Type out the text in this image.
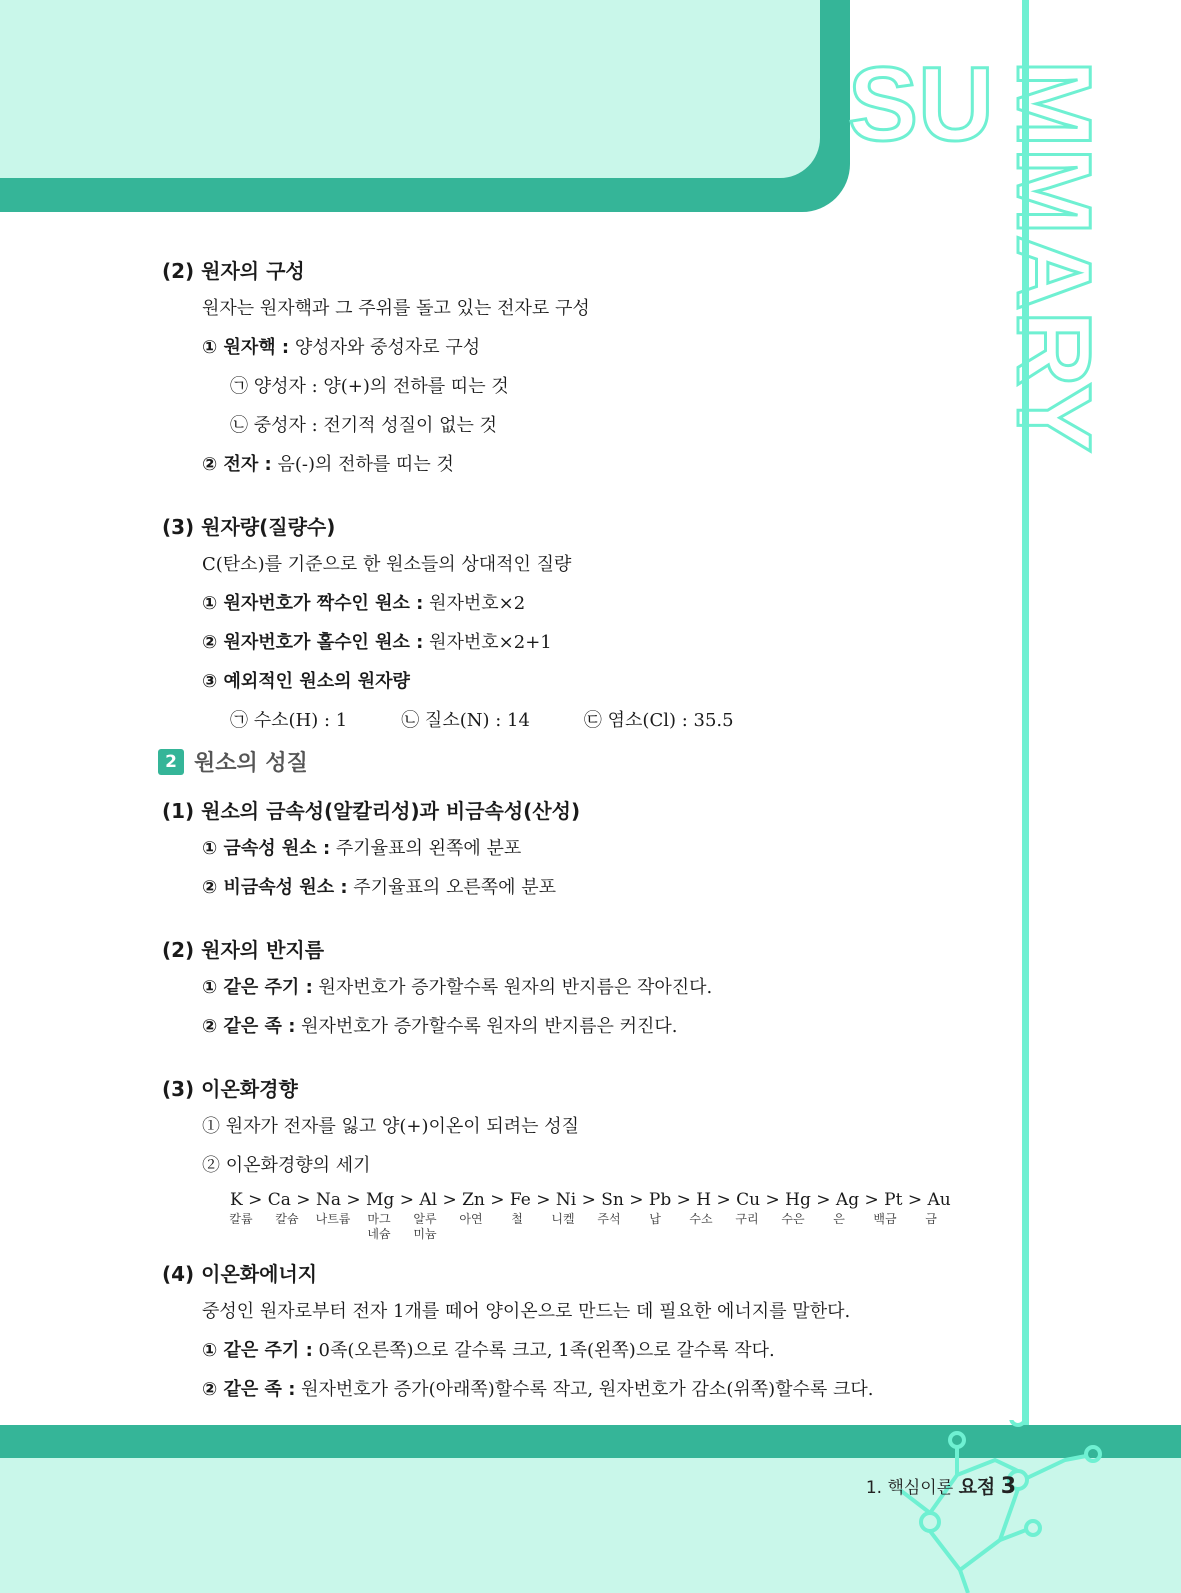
SU MMARY
(2) 원자의 구성
원자는 원자핵과 그 주위를 돌고 있는 전자로 구성
① 원자핵 : 양성자와 중성자로 구성
㉠ 양성자 : 양(+)의 전하를 띠는 것
㉡ 중성자 : 전기적 성질이 없는 것
② 전자 : 음(-)의 전하를 띠는 것
(3) 원자량(질량수)
C(탄소)를 기준으로 한 원소들의 상대적인 질량
① 원자번호가 짝수인 원소 : 원자번호×2
② 원자번호가 홀수인 원소 : 원자번호×2+1
③ 예외적인 원소의 원자량
㉠ 수소(H) : 1	㉡ 질소(N) : 14	㉢ 염소(Cl) : 35.5
2 원소의 성질
(1) 원소의 금속성(알칼리성)과 비금속성(산성)
① 금속성 원소 : 주기율표의 왼쪽에 분포
② 비금속성 원소 : 주기율표의 오른쪽에 분포
(2) 원자의 반지름
① 같은 주기 : 원자번호가 증가할수록 원자의 반지름은 작아진다.
② 같은 족 : 원자번호가 증가할수록 원자의 반지름은 커진다.
(3) 이온화경향
① 원자가 전자를 잃고 양(+)이온이 되려는 성질
② 이온화경향의 세기
K > Ca > Na > Mg > Al > Zn > Fe > Ni > Sn > Pb > H > Cu > Hg > Ag > Pt > Au
칼륨	칼슘	나트륨	마그
네슘
알루
미늄
아연	철	니켈	주석	납	수소	구리	수은	은	백금	금
(4) 이온화에너지
중성인 원자로부터 전자 1개를 떼어 양이온으로 만드는 데 필요한 에너지를 말한다.
① 같은 주기 : 0족(오른쪽)으로 갈수록 크고, 1족(왼쪽)으로 갈수록 작다.
② 같은 족 : 원자번호가 증가(아래쪽)할수록 작고, 원자번호가 감소(위쪽)할수록 크다.
1. 핵심이론 요점 3
